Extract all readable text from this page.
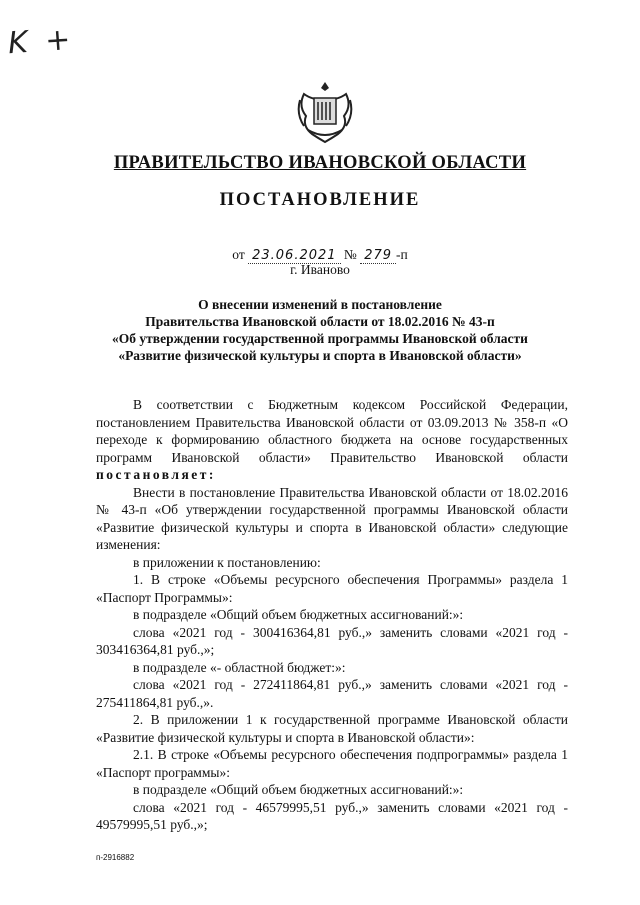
K +
ПРАВИТЕЛЬСТВО ИВАНОВСКОЙ ОБЛАСТИ
ПОСТАНОВЛЕНИЕ
от 23.06.2021 № 279 -п
г. Иваново
О внесении изменений в постановление
Правительства Ивановской области от 18.02.2016 № 43-п
«Об утверждении государственной программы Ивановской области
«Развитие физической культуры и спорта в Ивановской области»

В соответствии с Бюджетным кодексом Российской Федерации, постановлением Правительства Ивановской области от 03.09.2013 № 358-п «О переходе к формированию областного бюджета на основе государственных программ Ивановской области» Правительство Ивановской области постановляет:

Внести в постановление Правительства Ивановской области от 18.02.2016 № 43-п «Об утверждении государственной программы Ивановской области «Развитие физической культуры и спорта в Ивановской области» следующие изменения:

в приложении к постановлению:

1. В строке «Объемы ресурсного обеспечения Программы» раздела 1 «Паспорт Программы»:

в подразделе «Общий объем бюджетных ассигнований:»:

слова «2021 год - 300416364,81 руб.,» заменить словами «2021 год - 303416364,81 руб.,»;

в подразделе «- областной бюджет:»:

слова «2021 год - 272411864,81 руб.,» заменить словами «2021 год - 275411864,81 руб.,».

2. В приложении 1 к государственной программе Ивановской области «Развитие физической культуры и спорта в Ивановской области»:

2.1. В строке «Объемы ресурсного обеспечения подпрограммы» раздела 1 «Паспорт программы»:

в подразделе «Общий объем бюджетных ассигнований:»:

слова «2021 год - 46579995,51 руб.,» заменить словами «2021 год - 49579995,51 руб.,»;

п-2916882
